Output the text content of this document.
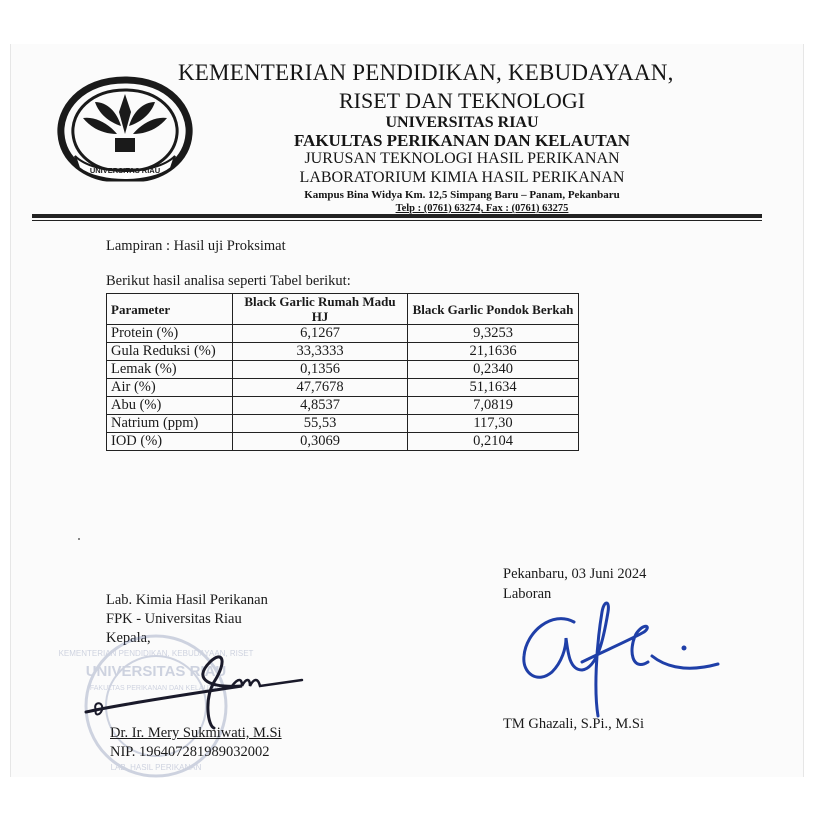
UNIVERSITAS RIAU
KEMENTERIAN PENDIDIKAN, KEBUDAYAAN,
RISET DAN TEKNOLOGI
UNIVERSITAS RIAU
FAKULTAS PERIKANAN DAN KELAUTAN
JURUSAN TEKNOLOGI HASIL PERIKANAN
LABORATORIUM KIMIA HASIL PERIKANAN
Kampus Bina Widya Km. 12,5 Simpang Baru – Panam, Pekanbaru
Telp : (0761) 63274, Fax : (0761) 63275
Lampiran : Hasil uji Proksimat
Berikut hasil analisa seperti Tabel berikut:
Parameter	Black Garlic Rumah Madu HJ	Black Garlic Pondok Berkah
Protein (%)	6,1267	9,3253
Gula Reduksi (%)	33,3333	21,1636
Lemak (%)	0,1356	0,2340
Air (%)	47,7678	51,1634
Abu (%)	4,8537	7,0819
Natrium (ppm)	55,53	117,30
IOD (%)	0,3069	0,2104
Pekanbaru, 03 Juni 2024
Laboran
TM Ghazali, S.Pi., M.Si
Lab. Kimia Hasil Perikanan
FPK - Universitas Riau
Kepala,
KEMENTERIAN PENDIDIKAN, KEBUDAYAAN, RISET
UNIVERSITAS RIAU
FAKULTAS PERIKANAN DAN KELAUTAN
LAB. HASIL PERIKANAN
Dr. Ir. Mery Sukmiwati, M.Si
NIP. 196407281989032002
